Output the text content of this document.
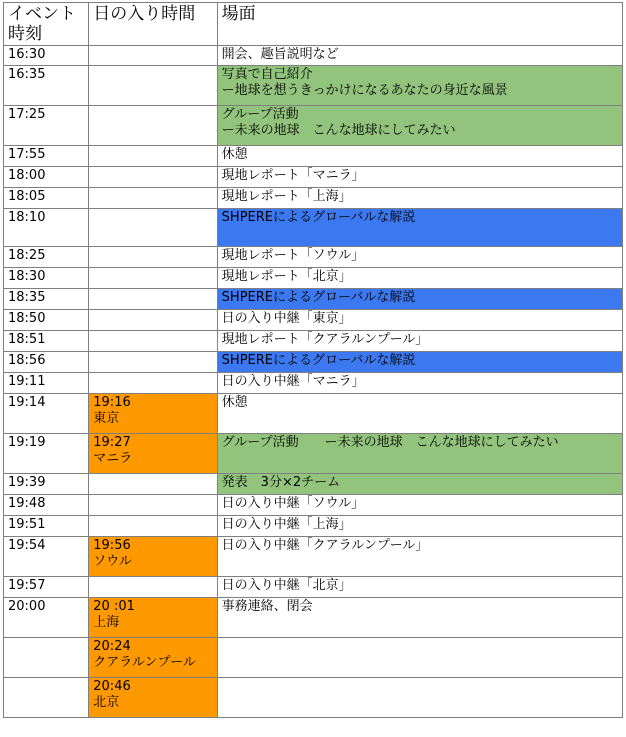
イベント
時刻	日の入り時間	場面

16:30		開会、趣旨説明など

16:35		写真で自己紹介
ー地球を想うきっかけになるあなたの身近な風景

17:25		グループ活動
ー未来の地球　こんな地球にしてみたい

17:55		休憩

18:00		現地レポート「マニラ」

18:05		現地レポート「上海」

18:10		SHPEREによるグローバルな解説

18:25		現地レポート「ソウル」

18:30		現地レポート「北京」

18:35		SHPEREによるグローバルな解説

18:50		日の入り中継「東京」

18:51		現地レポート「クアラルンプール」

18:56		SHPEREによるグローバルな解説

19:11		日の入り中継「マニラ」

19:14	19:16
東京	休憩

19:19	19:27
マニラ	グループ活動　　ー未来の地球　こんな地球にしてみたい

19:39		発表　3分×2チーム

19:48		日の入り中継「ソウル」

19:51		日の入り中継「上海」

19:54	19:56
ソウル	日の入り中継「クアラルンプール」

19:57		日の入り中継「北京」

20:00	20 :01
上海	事務連絡、閉会

	20:24
クアラルンプール	

	20:46
北京	
